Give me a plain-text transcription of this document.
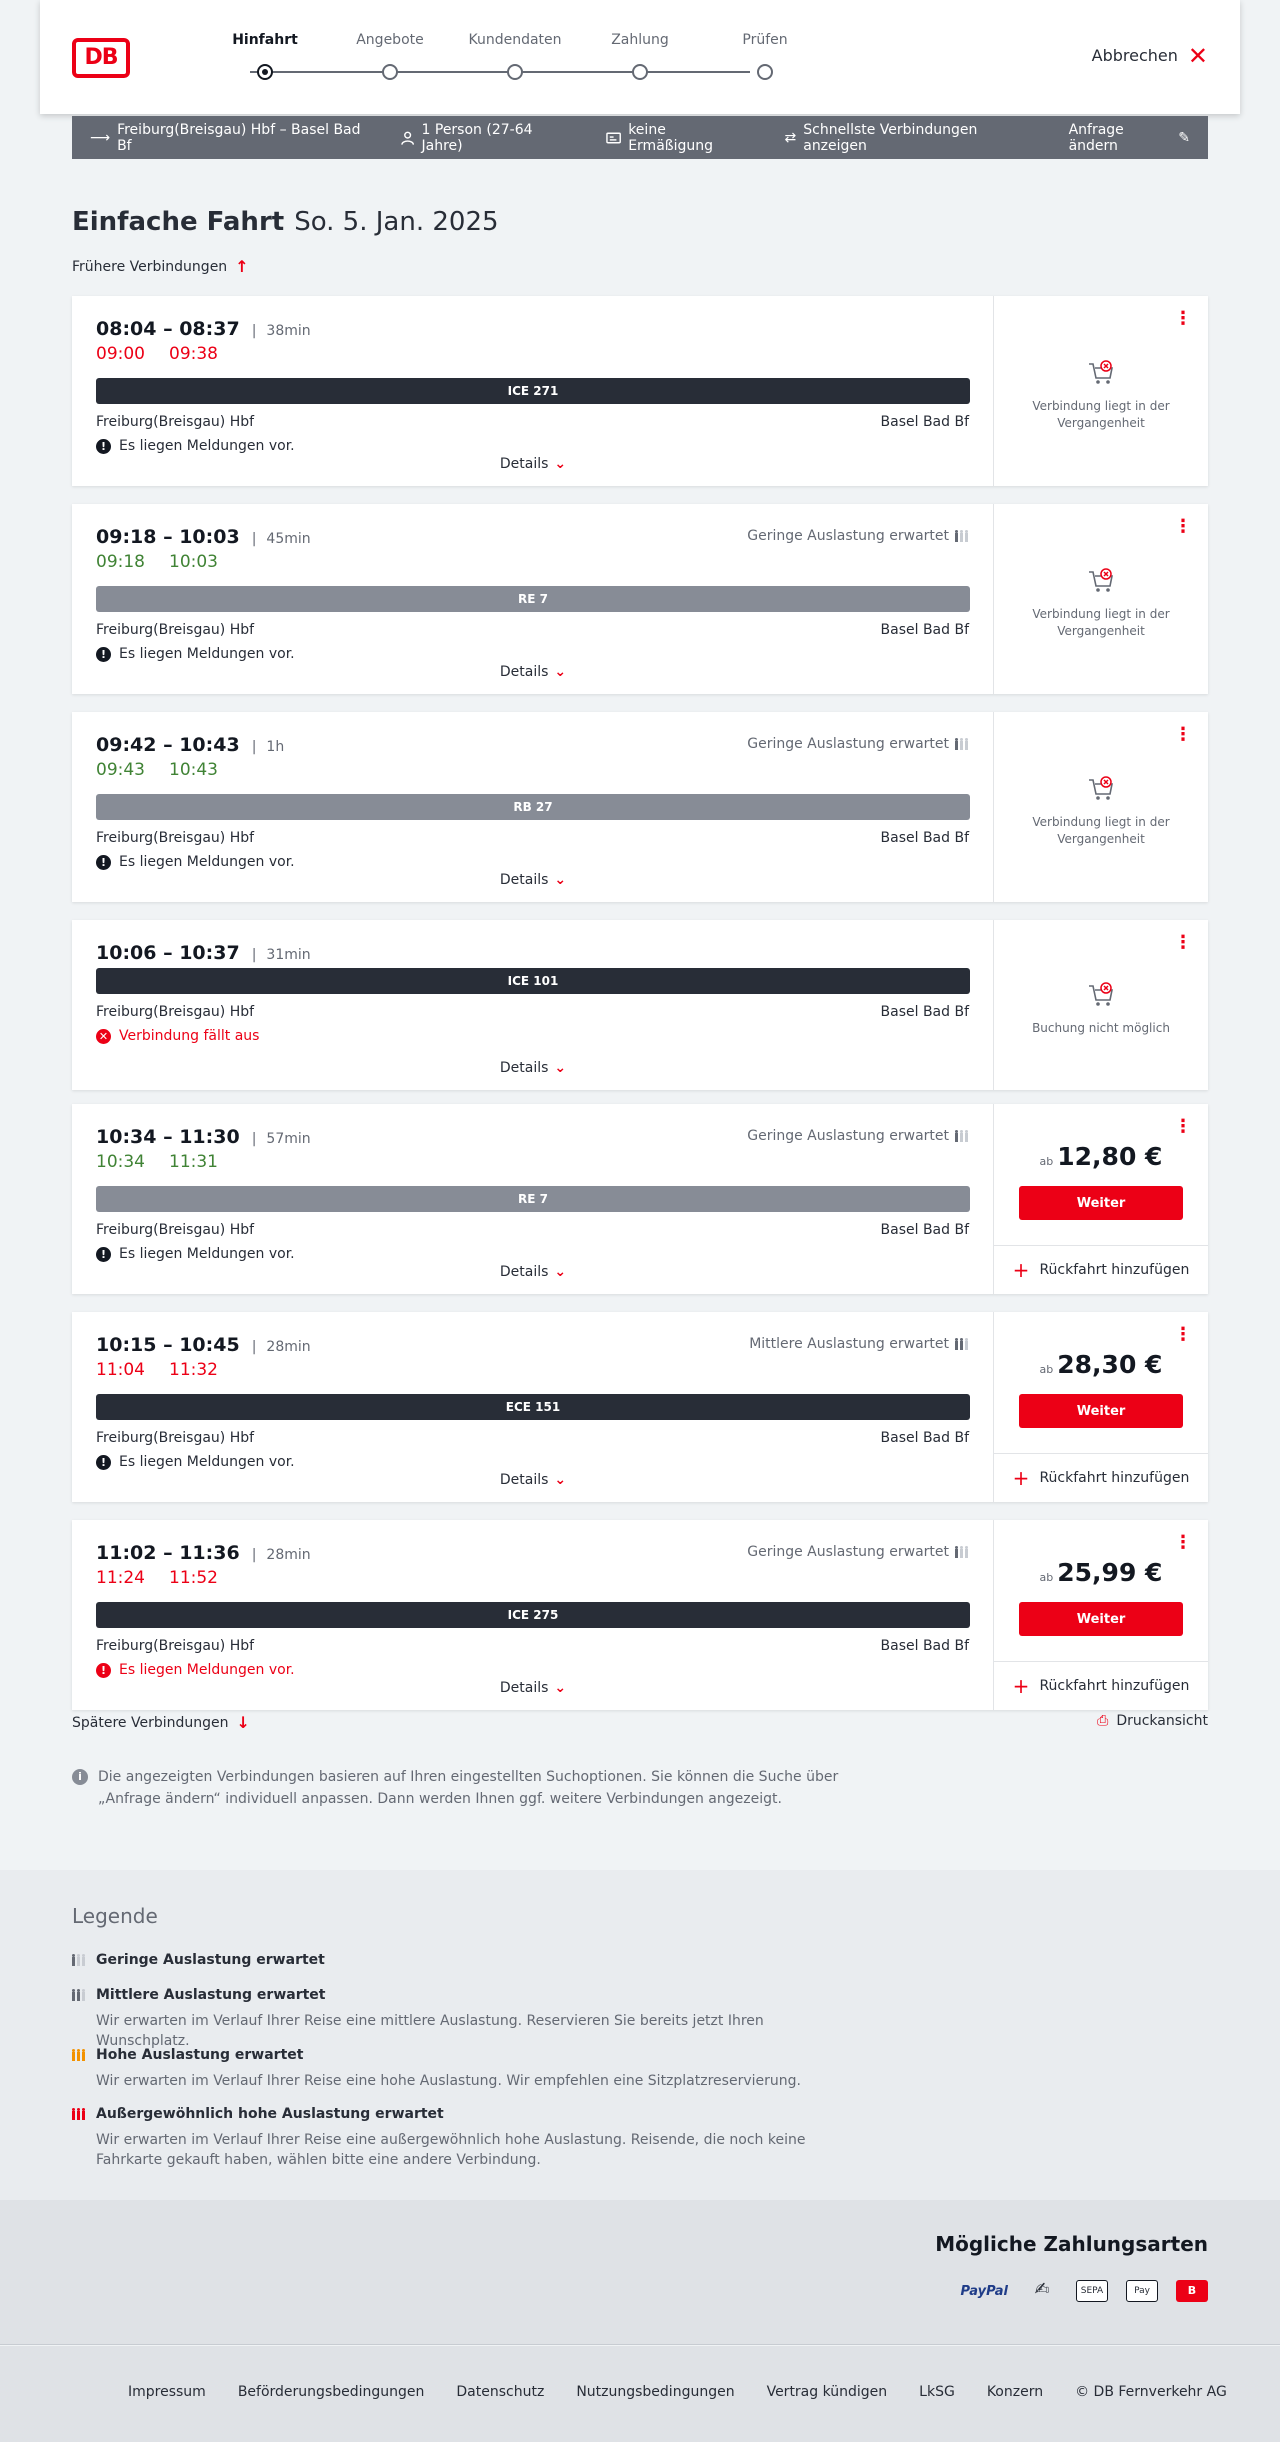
DB
Hinfahrt	Angebote	Kundendaten	Zahlung	Prüfen
Abbrechen ✕
⟶ Freiburg(Breisgau) Hbf – Basel Bad Bf
1 Person (27-64 Jahre)
keine Ermäßigung	⇄ Schnellste Verbindungen anzeigen
Anfrage ändern	✎
Einfache Fahrt So. 5. Jan. 2025
Frühere Verbindungen ↑
08:04 – 08:37	| 38min
09:00 09:38
ICE 271
Freiburg(Breisgau) Hbf	Basel Bad Bf
! Es liegen Meldungen vor.
Details ⌄
⋮
Verbindung liegt in der Vergangenheit
09:18 – 10:03	| 45min
09:18 10:03
Geringe Auslastung erwartet
RE 7
Freiburg(Breisgau) Hbf	Basel Bad Bf
! Es liegen Meldungen vor.
Details ⌄
⋮
Verbindung liegt in der Vergangenheit
09:42 – 10:43	| 1h
09:43 10:43
Geringe Auslastung erwartet
RB 27
Freiburg(Breisgau) Hbf	Basel Bad Bf
! Es liegen Meldungen vor.
Details ⌄
⋮
Verbindung liegt in der Vergangenheit
10:06 – 10:37	| 31min
ICE 101
Freiburg(Breisgau) Hbf	Basel Bad Bf
✕ Verbindung fällt aus
Details ⌄
⋮
Buchung nicht möglich
10:34 – 11:30	| 57min
10:34 11:31
Geringe Auslastung erwartet
RE 7
Freiburg(Breisgau) Hbf	Basel Bad Bf
! Es liegen Meldungen vor.
Details ⌄
⋮
ab 12,80 €
Weiter
+ Rückfahrt hinzufügen
10:15 – 10:45	| 28min
11:04 11:32
Mittlere Auslastung erwartet
ECE 151
Freiburg(Breisgau) Hbf	Basel Bad Bf
! Es liegen Meldungen vor.
Details ⌄
⋮
ab 28,30 €
Weiter
+ Rückfahrt hinzufügen
11:02 – 11:36	| 28min
11:24 11:52
Geringe Auslastung erwartet
ICE 275
Freiburg(Breisgau) Hbf	Basel Bad Bf
! Es liegen Meldungen vor.
Details ⌄
⋮
ab 25,99 €
Weiter
+ Rückfahrt hinzufügen
Spätere Verbindungen ↓	⎙ Druckansicht
i	Die angezeigten Verbindungen basieren auf Ihren eingestellten Suchoptionen. Sie können die Suche über „Anfrage ändern“ individuell anpassen. Dann werden Ihnen ggf. weitere Verbindungen angezeigt.
Legende
Geringe Auslastung erwartet
Mittlere Auslastung erwartet
Wir erwarten im Verlauf Ihrer Reise eine mittlere Auslastung. Reservieren Sie bereits jetzt Ihren Wunschplatz.
Hohe Auslastung erwartet
Wir erwarten im Verlauf Ihrer Reise eine hohe Auslastung. Wir empfehlen eine Sitzplatzreservierung.
Außergewöhnlich hohe Auslastung erwartet
Wir erwarten im Verlauf Ihrer Reise eine außergewöhnlich hohe Auslastung. Reisende, die noch keine Fahrkarte gekauft haben, wählen bitte eine andere Verbindung.
Mögliche Zahlungsarten
PayPal	✍	SEPA	Pay	B
Impressum Beförderungsbedingungen Datenschutz Nutzungsbedingungen Vertrag kündigen LkSG Konzern © DB Fernverkehr AG
